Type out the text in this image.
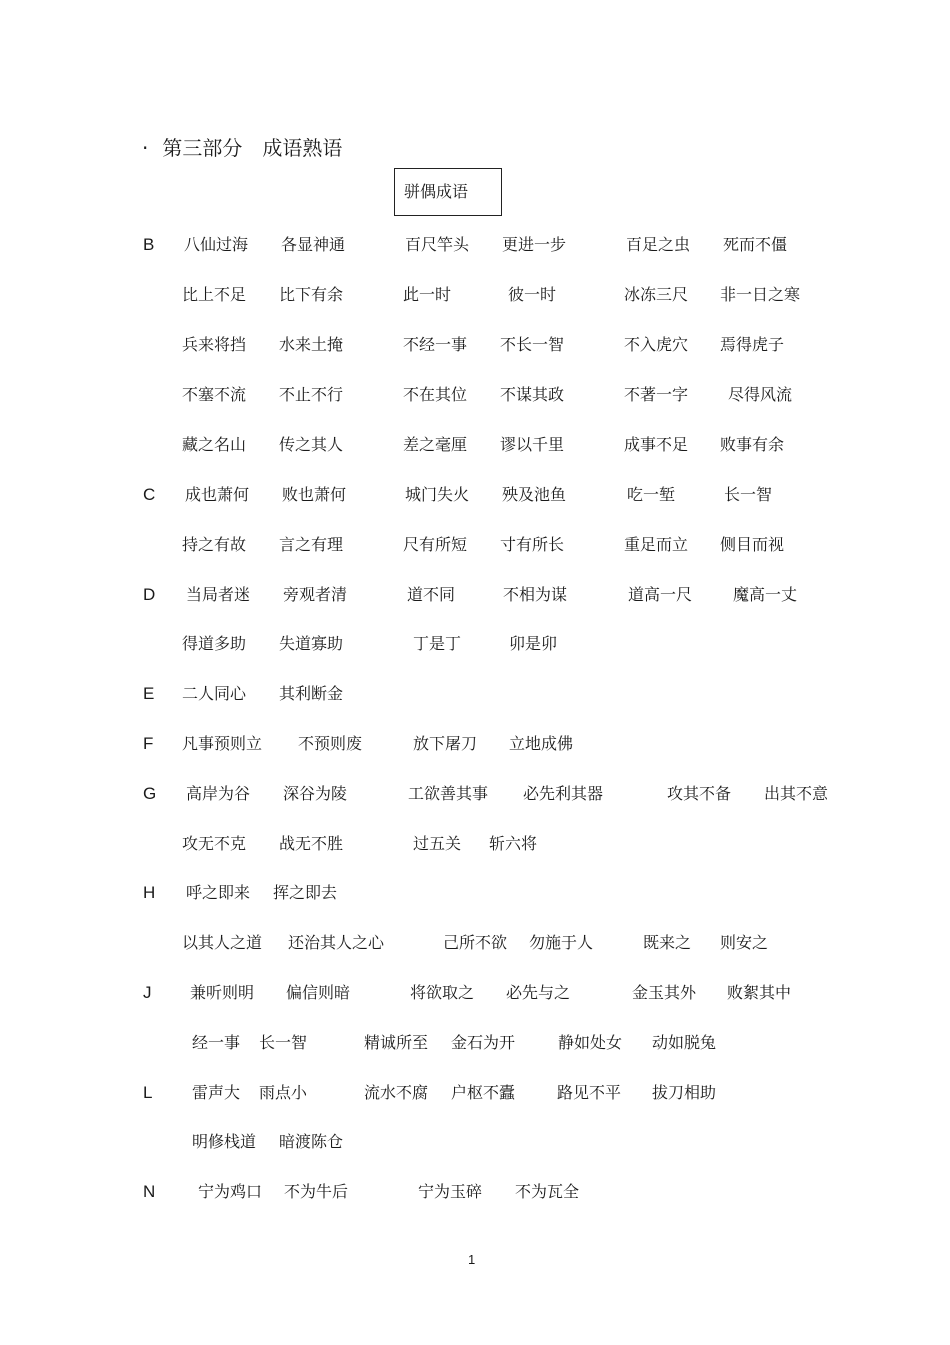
· 第三部分 成语熟语
骈偶成语
B 八仙过海 各显神通	百尺竿头 更进一步	百足之虫 死而不僵
比上不足 比下有余	此一时	彼一时	冰冻三尺 非一日之寒
兵来将挡 水来土掩	不经一事 不长一智	不入虎穴 焉得虎子
不塞不流 不止不行	不在其位 不谋其政	不著一字 尽得风流
藏之名山 传之其人	差之毫厘 谬以千里	成事不足 败事有余
C 成也萧何 败也萧何	城门失火 殃及池鱼	吃一堑	长一智
持之有故 言之有理	尺有所短 寸有所长	重足而立 侧目而视
D 当局者迷 旁观者清	道不同	不相为谋	道高一尺	魔高一丈
得道多助 失道寡助	丁是丁	卯是卯
E 二人同心 其利断金
F 凡事预则立 不预则废	放下屠刀 立地成佛
G 高岸为谷 深谷为陵	工欲善其事 必先利其器	攻其不备 出其不意
攻无不克 战无不胜	过五关 斩六将
H 呼之即来 挥之即去
以其人之道 还治其人之心	己所不欲 勿施于人	既来之 则安之
J 兼听则明 偏信则暗	将欲取之 必先与之	金玉其外 败絮其中
经一事 长一智	精诚所至 金石为开	静如处女 动如脱兔
L 雷声大 雨点小	流水不腐 户枢不蠹	路见不平 拔刀相助
明修栈道 暗渡陈仓
N	宁为鸡口 不为牛后	宁为玉碎 不为瓦全
1
